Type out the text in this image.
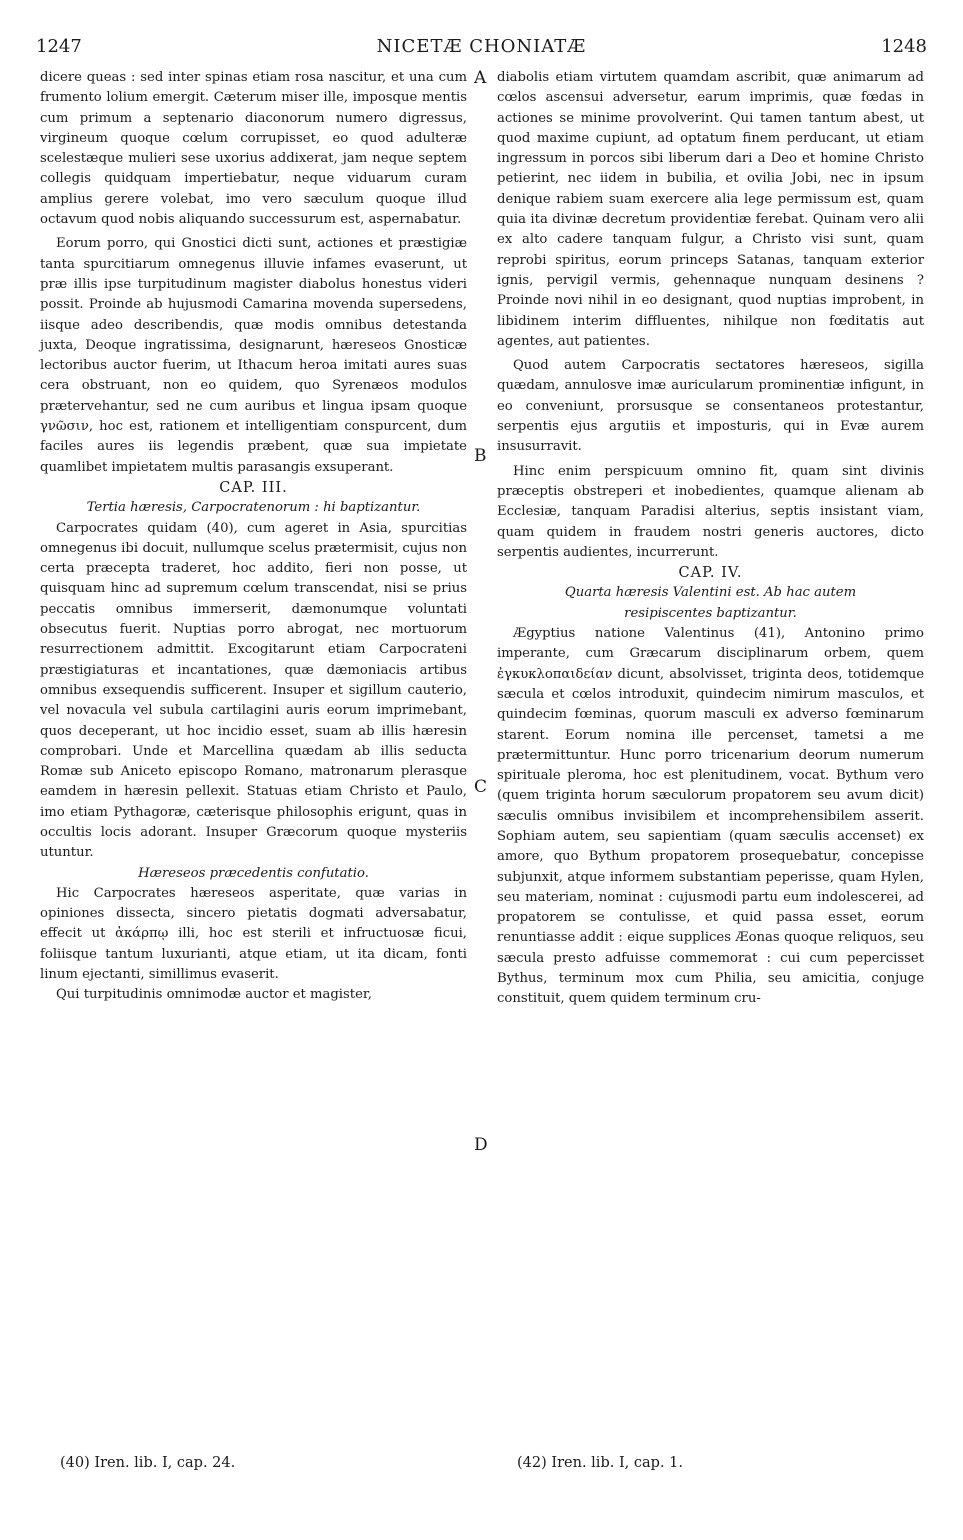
1247	NICETÆ CHONIATÆ	1248
A
B
C
D

dicere queas : sed inter spinas etiam rosa nascitur, et una cum frumento lolium emergit. Cæterum miser ille, imposque mentis cum primum a septenario diaconorum numero digressus, virgineum quoque cœlum corrupisset, eo quod adulteræ scelestæque mulieri sese uxorius addixerat, jam neque septem collegis quidquam impertiebatur, neque viduarum curam amplius gerere volebat, imo vero sæculum quoque illud octavum quod nobis aliquando successurum est, aspernabatur.

Eorum porro, qui Gnostici dicti sunt, actiones et præstigiæ tanta spurcitiarum omnegenus illuvie infames evaserunt, ut præ illis ipse turpitudinum magister diabolus honestus videri possit. Proinde ab hujusmodi Camarina movenda supersedens, iisque adeo describendis, quæ modis omnibus detestanda juxta, Deoque ingratissima, designarunt, hæreseos Gnosticæ lectoribus auctor fuerim, ut Ithacum heroa imitati aures suas cera obstruant, non eo quidem, quo Syrenæos modulos prætervehantur, sed ne cum auribus et lingua ipsam quoque γνῶσιν, hoc est, rationem et intelligentiam conspurcent, dum faciles aures iis legendis præbent, quæ sua impietate quamlibet impietatem multis parasangis exsuperant.

CAP. III.

Tertia hæresis, Carpocratenorum : hi baptizantur.

Carpocrates quidam (40), cum ageret in Asia, spurcitias omnegenus ibi docuit, nullumque scelus prætermisit, cujus non certa præcepta traderet, hoc addito, fieri non posse, ut quisquam hinc ad supremum cœlum transcendat, nisi se prius peccatis omnibus immerserit, dæmonumque voluntati obsecutus fuerit. Nuptias porro abrogat, nec mortuorum resurrectionem admittit. Excogitarunt etiam Carpocrateni præstigiaturas et incantationes, quæ dæmoniacis artibus omnibus exsequendis sufficerent. Insuper et sigillum cauterio, vel novacula vel subula cartilagini auris eorum imprimebant, quos deceperant, ut hoc incidio esset, suam ab illis hæresin comprobari. Unde et Marcellina quædam ab illis seducta Romæ sub Aniceto episcopo Romano, matronarum plerasque eamdem in hæresin pellexit. Statuas etiam Christo et Paulo, imo etiam Pythagoræ, cæterisque philosophis erigunt, quas in occultis locis adorant. Insuper Græcorum quoque mysteriis utuntur.

Hæreseos præcedentis confutatio.

Hic Carpocrates hæreseos asperitate, quæ varias in opiniones dissecta, sincero pietatis dogmati adversabatur, effecit ut ἀκάρπῳ illi, hoc est sterili et infructuosæ ficui, foliisque tantum luxurianti, atque etiam, ut ita dicam, fonti linum ejectanti, simillimus evaserit.

Qui turpitudinis omnimodæ auctor et magister,

diabolis etiam virtutem quamdam ascribit, quæ animarum ad cœlos ascensui adversetur, earum imprimis, quæ fœdas in actiones se minime provolverint. Qui tamen tantum abest, ut quod maxime cupiunt, ad optatum finem perducant, ut etiam ingressum in porcos sibi liberum dari a Deo et homine Christo petierint, nec iidem in bubilia, et ovilia Jobi, nec in ipsum denique rabiem suam exercere alia lege permissum est, quam quia ita divinæ decretum providentiæ ferebat. Quinam vero alii ex alto cadere tanquam fulgur, a Christo visi sunt, quam reprobi spiritus, eorum princeps Satanas, tanquam exterior ignis, pervigil vermis, gehennaque nunquam desinens ? Proinde novi nihil in eo designant, quod nuptias improbent, in libidinem interim diffluentes, nihilque non fœditatis aut agentes, aut patientes.

Quod autem Carpocratis sectatores hæreseos, sigilla quædam, annulosve imæ auricularum prominentiæ infigunt, in eo conveniunt, prorsusque se consentaneos protestantur, serpentis ejus argutiis et imposturis, qui in Evæ aurem insusurravit.

Hinc enim perspicuum omnino fit, quam sint divinis præceptis obstreperi et inobedientes, quamque alienam ab Ecclesiæ, tanquam Paradisi alterius, septis insistant viam, quam quidem in fraudem nostri generis auctores, dicto serpentis audientes, incurrerunt.

CAP. IV.

Quarta hæresis Valentini est. Ab hac autem

resipiscentes baptizantur.

Ægyptius natione Valentinus (41), Antonino primo imperante, cum Græcarum disciplinarum orbem, quem ἐγκυκλοπαιδείαν dicunt, absolvisset, triginta deos, totidemque sæcula et cœlos introduxit, quindecim nimirum masculos, et quindecim fœminas, quorum masculi ex adverso fœminarum starent. Eorum nomina ille percenset, tametsi a me prætermittuntur. Hunc porro tricenarium deorum numerum spirituale pleroma, hoc est plenitudinem, vocat. Bythum vero (quem triginta horum sæculorum propatorem seu avum dicit) sæculis omnibus invisibilem et incomprehensibilem asserit. Sophiam autem, seu sapientiam (quam sæculis accenset) ex amore, quo Bythum propatorem prosequebatur, concepisse subjunxit, atque informem substantiam peperisse, quam Hylen, seu materiam, nominat : cujusmodi partu eum indolescerei, ad propatorem se contulisse, et quid passa esset, eorum renuntiasse addit : eique supplices Æonas quoque reliquos, seu sæcula presto adfuisse commemorat : cui cum pepercisset Bythus, terminum mox cum Philia, seu amicitia, conjuge constituit, quem quidem terminum cru-

(40) Iren. lib. I, cap. 24.	(42) Iren. lib. I, cap. 1.
